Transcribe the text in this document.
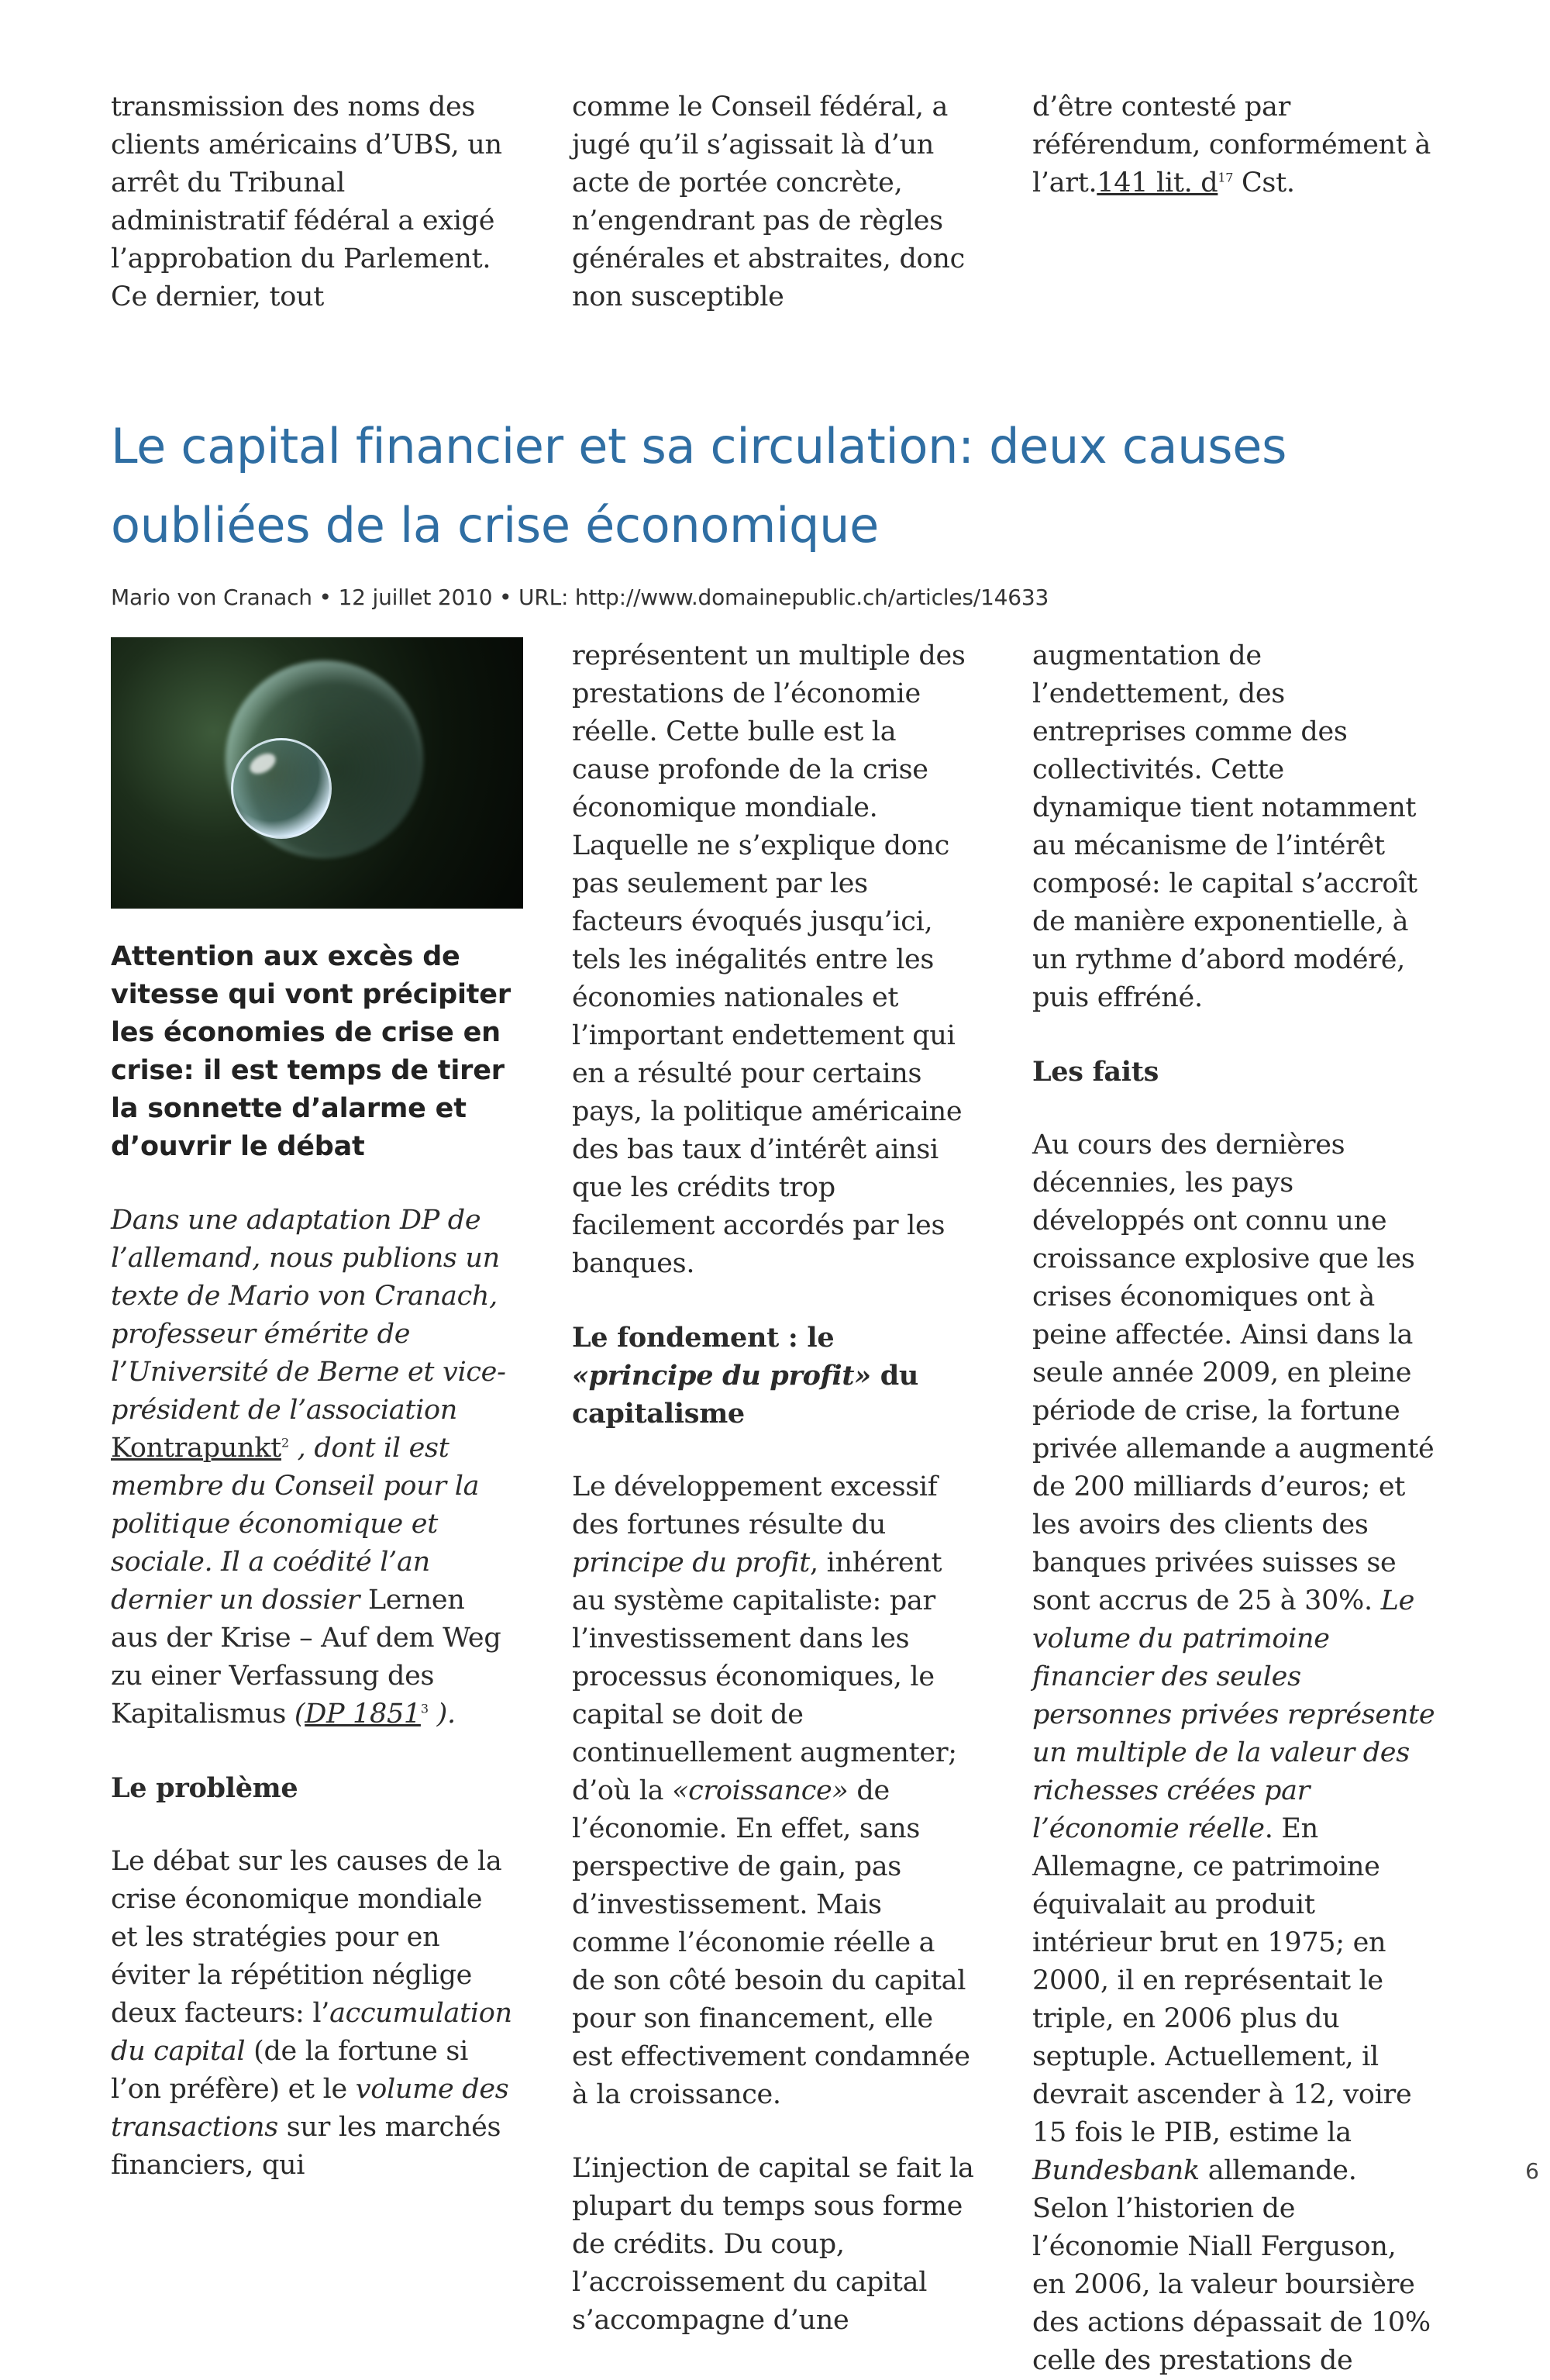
transmission des noms des clients américains d’UBS, un arrêt du Tribunal administratif fédéral a exigé l’approbation du Parlement. Ce dernier, tout

comme le Conseil fédéral, a jugé qu’il s’agissait là d’un acte de portée concrète, n’engendrant pas de règles générales et abstraites, donc non susceptible

d’être contesté par référendum, conformément à l’art.141 lit. $d^{17}$ Cst.

Le capital financier et sa circulation: deux causes oubliées de la crise économique

Mario von Cranach • 12 juillet 2010 • URL: http://www.domainepublic.ch/articles/14633

Attention aux excès de vitesse qui vont précipiter les économies de crise en crise: il est temps de tirer la sonnette d’alarme et d’ouvrir le débat

Dans une adaptation DP de l’allemand, nous publions un texte de Mario von Cranach, professeur émérite de l’Université de Berne et vice-président de l’association Kontrapunkt$^2$ , dont il est membre du Conseil pour la politique économique et sociale. Il a coédité l’an dernier un dossier Lernen aus der Krise – Auf dem Weg zu einer Verfassung des Kapitalismus (DP 1851$^3$ ).

Le problème

Le débat sur les causes de la crise économique mondiale et les stratégies pour en éviter la répétition néglige deux facteurs: l’accumulation du capital (de la fortune si l’on préfère) et le volume des transactions sur les marchés financiers, qui

représentent un multiple des prestations de l’économie réelle. Cette bulle est la cause profonde de la crise économique mondiale. Laquelle ne s’explique donc pas seulement par les facteurs évoqués jusqu’ici, tels les inégalités entre les économies nationales et l’important endettement qui en a résulté pour certains pays, la politique américaine des bas taux d’intérêt ainsi que les crédits trop facilement accordés par les banques.

Le fondement : le «principe du profit» du capitalisme

Le développement excessif des fortunes résulte du principe du profit, inhérent au système capitaliste: par l’investissement dans les processus économiques, le capital se doit de continuellement augmenter; d’où la «croissance» de l’économie. En effet, sans perspective de gain, pas d’investissement. Mais comme l’économie réelle a de son côté besoin du capital pour son financement, elle est effectivement condamnée à la croissance.

L’injection de capital se fait la plupart du temps sous forme de crédits. Du coup, l’accroissement du capital s’accompagne d’une

augmentation de l’endettement, des entreprises comme des collectivités. Cette dynamique tient notamment au mécanisme de l’intérêt composé: le capital s’accroît de manière exponentielle, à un rythme d’abord modéré, puis effréné.

Les faits

Au cours des dernières décennies, les pays développés ont connu une croissance explosive que les crises économiques ont à peine affectée. Ainsi dans la seule année 2009, en pleine période de crise, la fortune privée allemande a augmenté de 200 milliards d’euros; et les avoirs des clients des banques privées suisses se sont accrus de 25 à 30%. Le volume du patrimoine financier des seules personnes privées représente un multiple de la valeur des richesses créées par l’économie réelle. En Allemagne, ce patrimoine équivalait au produit intérieur brut en 1975; en 2000, il en représentait le triple, en 2006 plus du septuple. Actuellement, il devrait ascender à 12, voire 15 fois le PIB, estime la Bundesbank allemande. Selon l’historien de l’économie Niall Ferguson, en 2006, la valeur boursière des actions dépassait de 10% celle des prestations de

6
